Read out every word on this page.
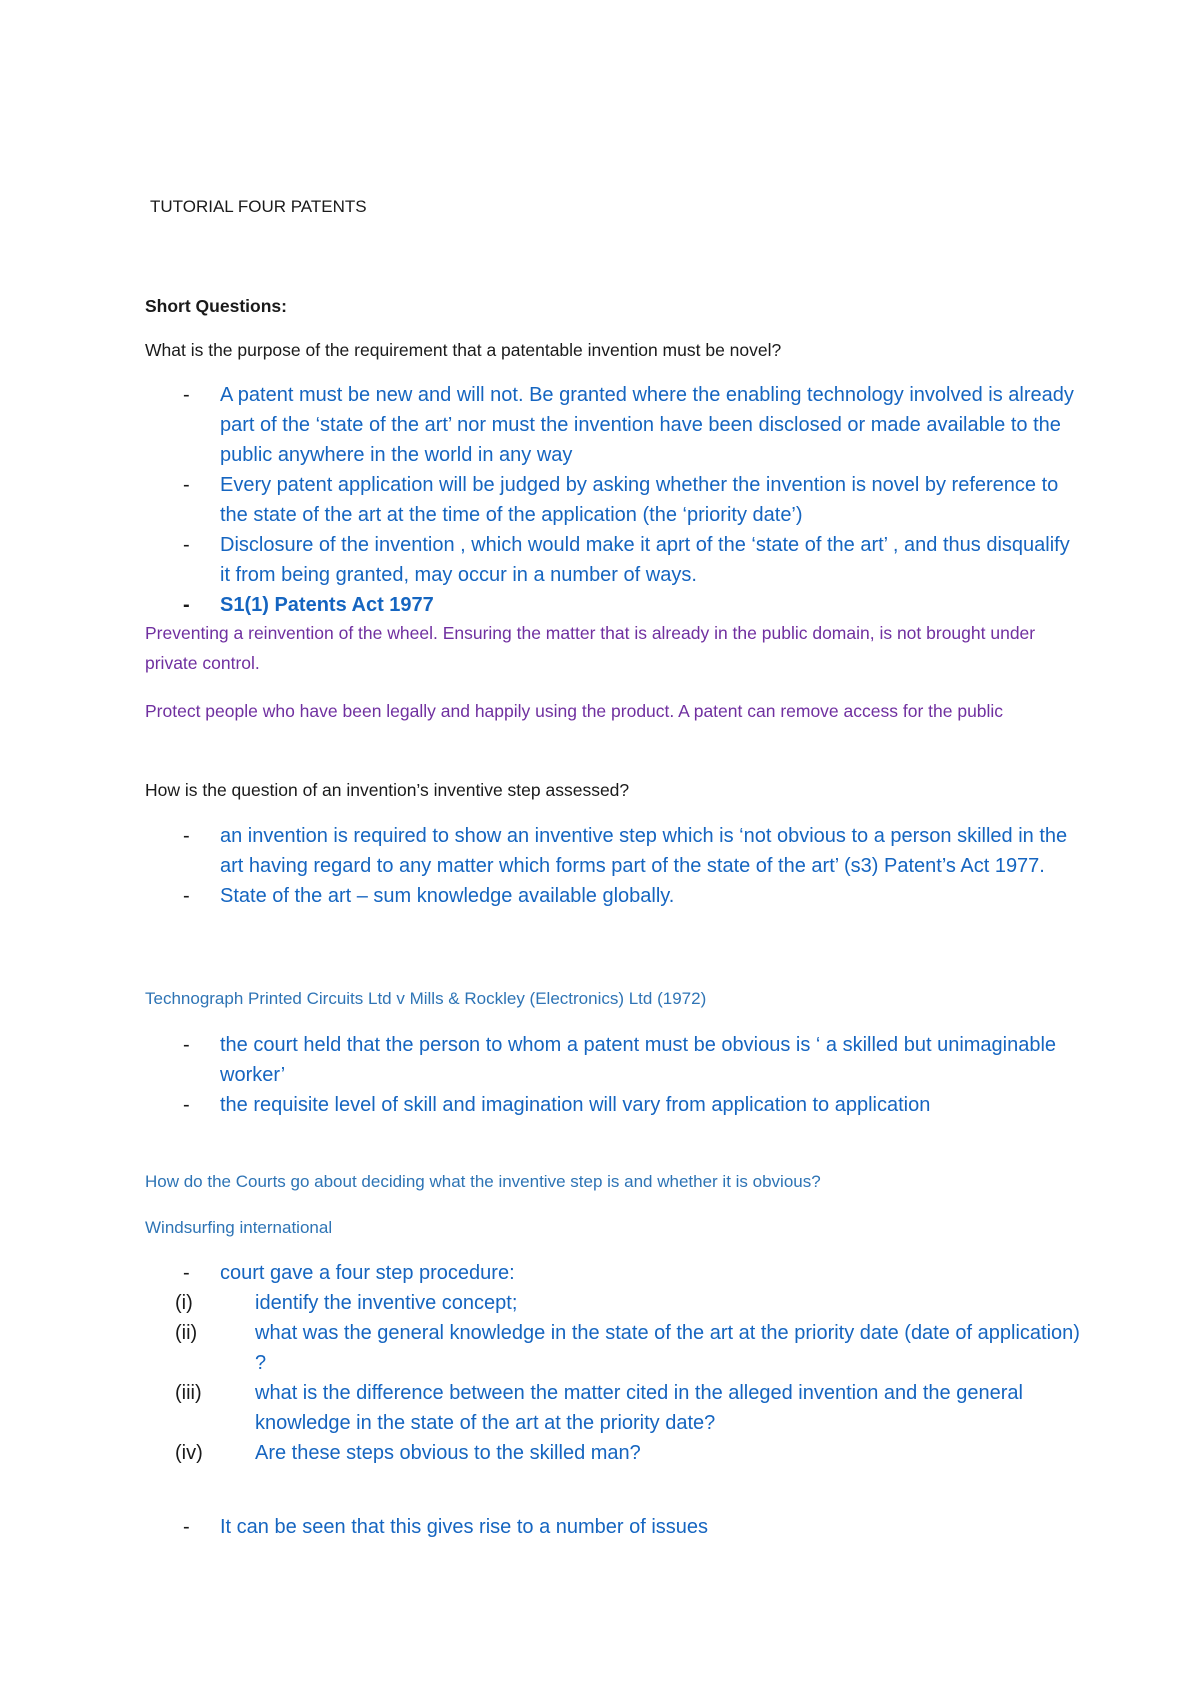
TUTORIAL FOUR PATENTS
Short Questions:
What is the purpose of the requirement that a patentable invention must be novel?
- A patent must be new and will not. Be granted where the enabling technology involved is already part of the ‘state of the art’ nor must the invention have been disclosed or made available to the public anywhere in the world in any way
- Every patent application will be judged by asking whether the invention is novel by reference to the state of the art at the time of the application (the ‘priority date’)
- Disclosure of the invention , which would make it aprt of the ‘state of the art’ , and thus disqualify it from being granted, may occur in a number of ways.
- S1(1) Patents Act 1977
Preventing a reinvention of the wheel. Ensuring the matter that is already in the public domain, is not brought under private control.
Protect people who have been legally and happily using the product. A patent can remove access for the public
How is the question of an invention’s inventive step assessed?
- an invention is required to show an inventive step which is ‘not obvious to a person skilled in the art having regard to any matter which forms part of the state of the art’ (s3) Patent’s Act 1977.
- State of the art – sum knowledge available globally.
Technograph Printed Circuits Ltd v Mills & Rockley (Electronics) Ltd (1972)
- the court held that the person to whom a patent must be obvious is ‘ a skilled but unimaginable worker’
- the requisite level of skill and imagination will vary from application to application
How do the Courts go about deciding what the inventive step is and whether it is obvious?
Windsurfing international
- court gave a four step procedure:
(i)	identify the inventive concept;
(ii)	what was the general knowledge in the state of the art at the priority date (date of application) ?
(iii)	what is the difference between the matter cited in the alleged invention and the general knowledge in the state of the art at the priority date?
(iv)	Are these steps obvious to the skilled man?
- It can be seen that this gives rise to a number of issues
